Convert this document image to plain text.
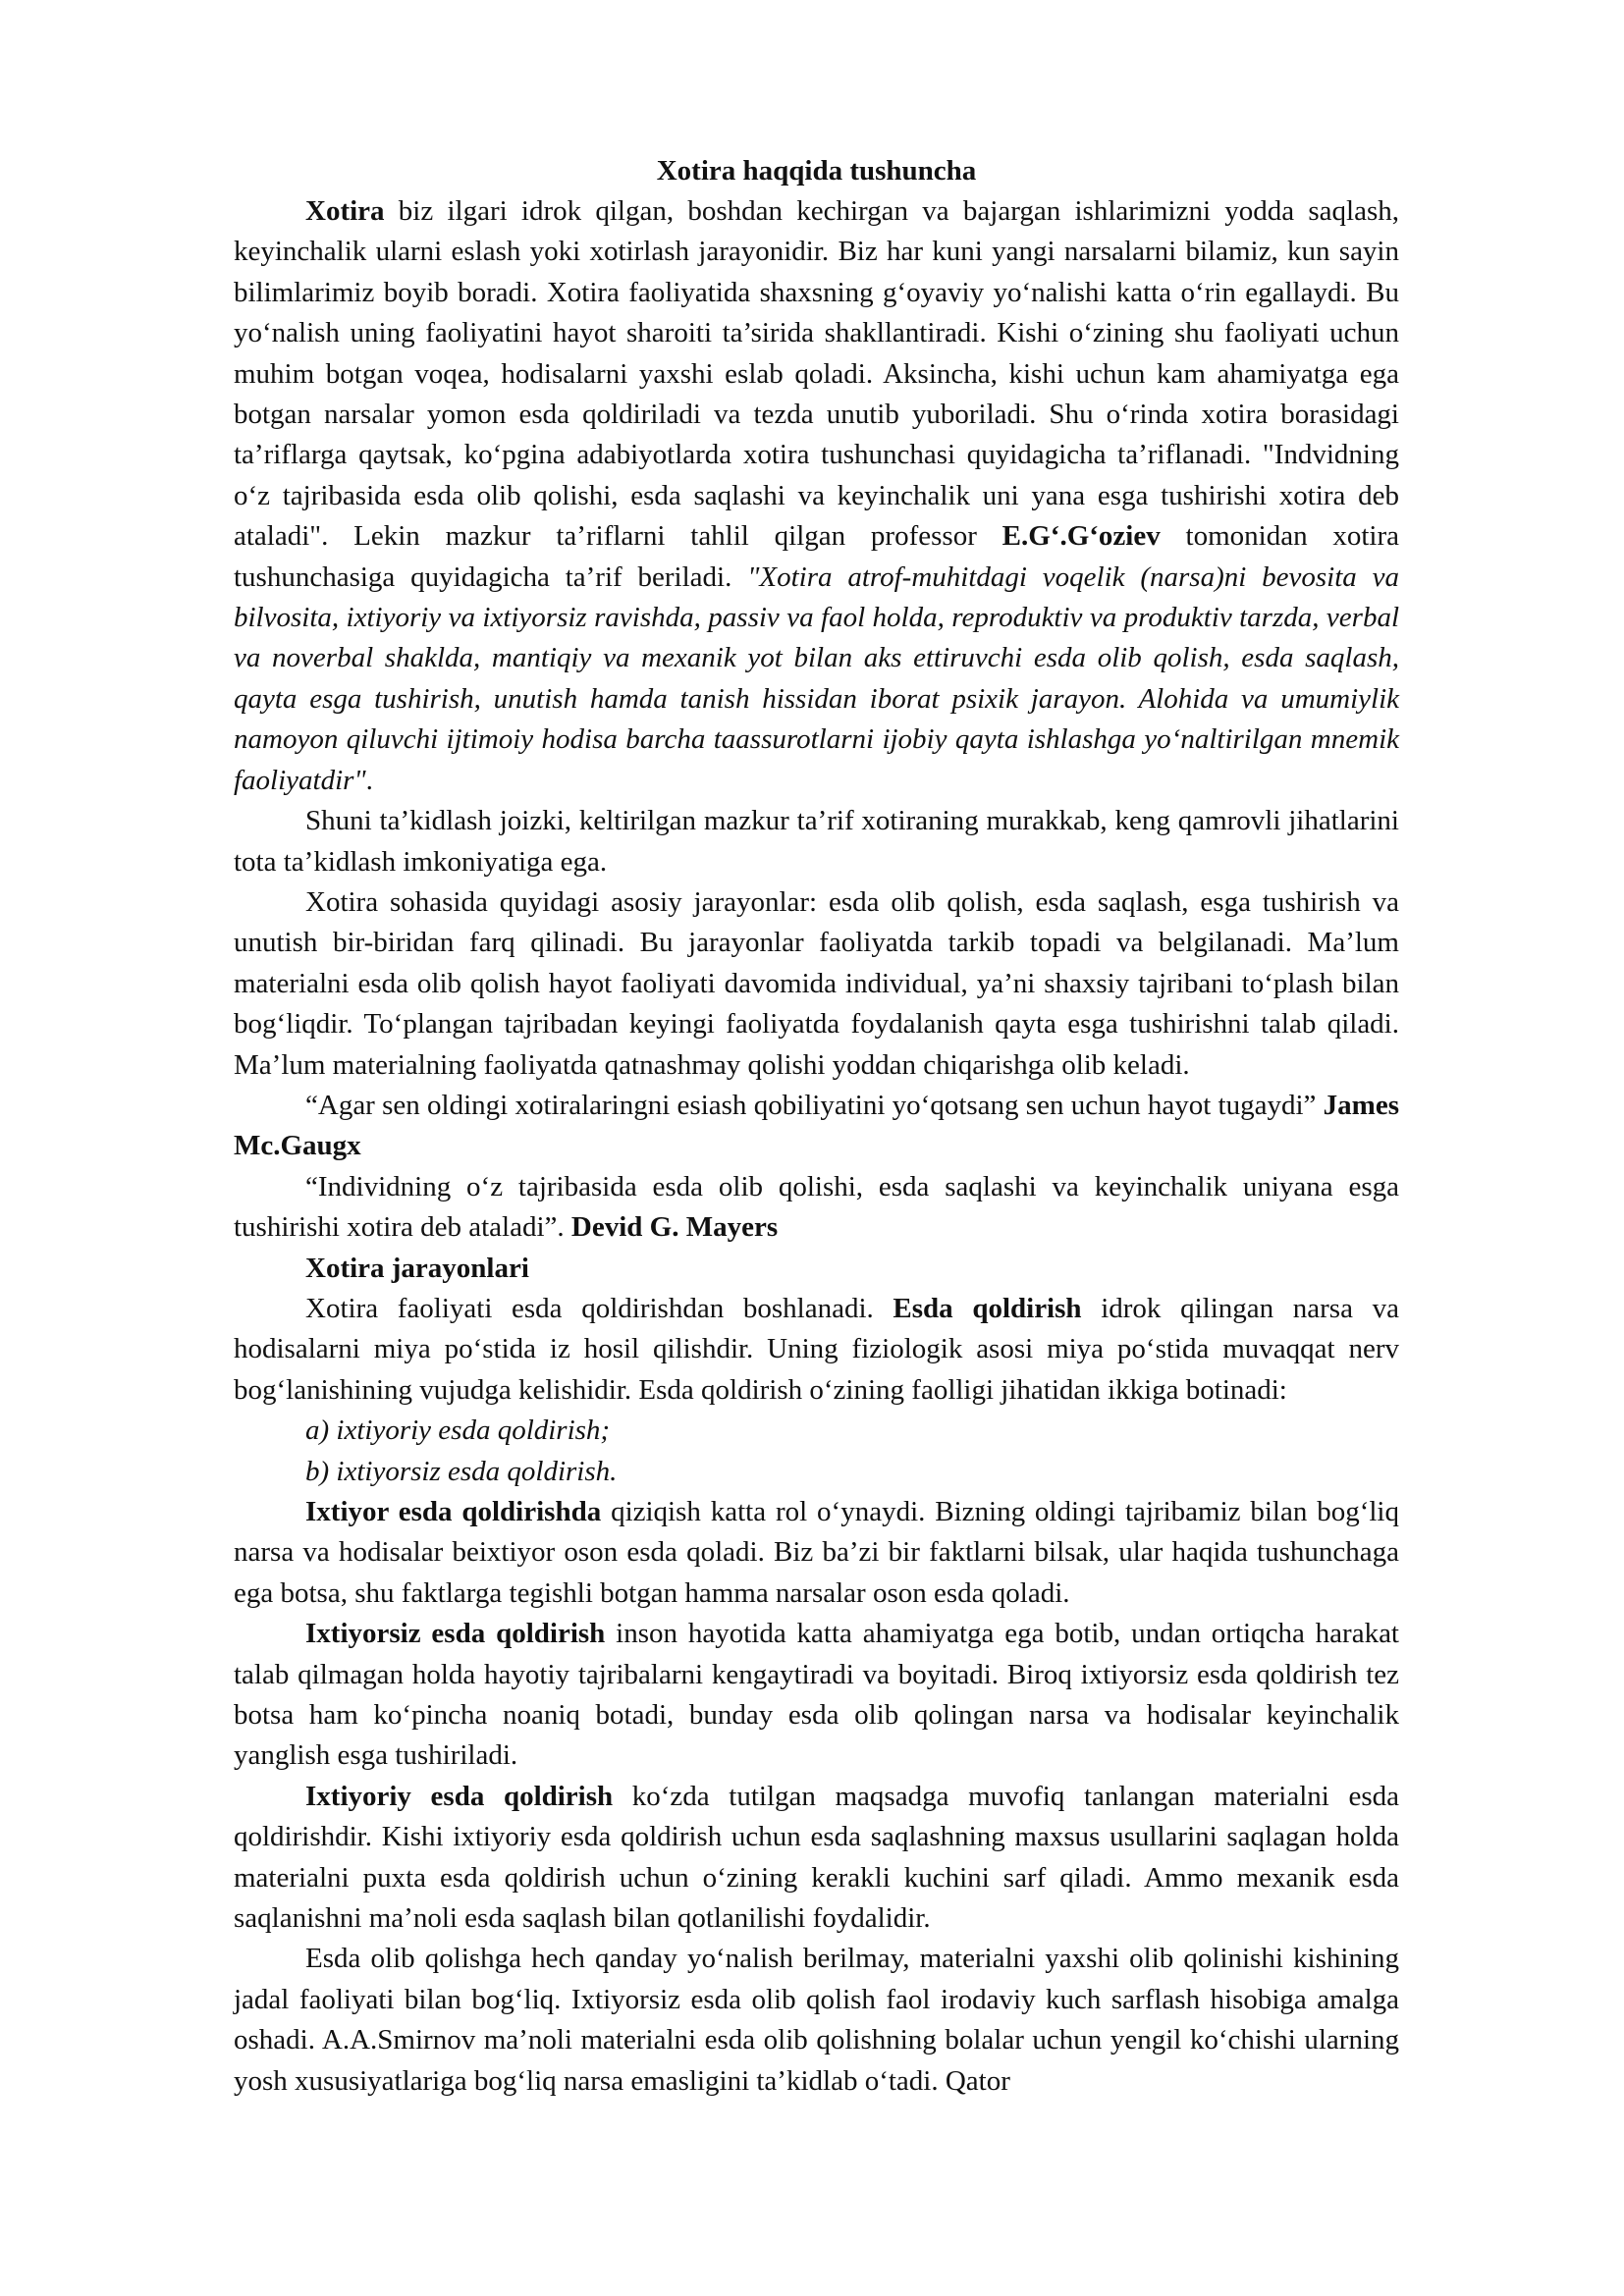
Xotira haqqida tushuncha

Xotira biz ilgari idrok qilgan, boshdan kechirgan va bajargan ishlarimizni yodda saqlash, keyinchalik ularni eslash yoki xotirlash jarayonidir. Biz har kuni yangi narsalarni bilamiz, kun sayin bilimlarimiz boyib boradi. Xotira faoliyatida shaxsning g‘oyaviy yo‘nalishi katta o‘rin egallaydi. Bu yo‘nalish uning faoliyatini hayot sharoiti ta’sirida shakllantiradi. Kishi o‘zining shu faoliyati uchun muhim botgan voqea, hodisalarni yaxshi eslab qoladi. Aksincha, kishi uchun kam ahamiyatga ega botgan narsalar yomon esda qoldiriladi va tezda unutib yuboriladi. Shu o‘rinda xotira borasidagi ta’riflarga qaytsak, ko‘pgina adabiyotlarda xotira tushunchasi quyidagicha ta’riflanadi. "Indvidning o‘z tajribasida esda olib qolishi, esda saqlashi va keyinchalik uni yana esga tushirishi xotira deb ataladi". Lekin mazkur ta’riflarni tahlil qilgan professor E.G‘.G‘oziev tomonidan xotira tushunchasiga quyidagicha ta’rif beriladi. "Xotira atrof-muhitdagi voqelik (narsa)ni bevosita va bilvosita, ixtiyoriy va ixtiyorsiz ravishda, passiv va faol holda, reproduktiv va produktiv tarzda, verbal va noverbal shaklda, mantiqiy va mexanik yot bilan aks ettiruvchi esda olib qolish, esda saqlash, qayta esga tushirish, unutish hamda tanish hissidan iborat psixik jarayon. Alohida va umumiylik namoyon qiluvchi ijtimoiy hodisa barcha taassurotlarni ijobiy qayta ishlashga yo‘naltirilgan mnemik faoliyatdir".

Shuni ta’kidlash joizki, keltirilgan mazkur ta’rif xotiraning murakkab, keng qamrovli jihatlarini tota ta’kidlash imkoniyatiga ega.

Xotira sohasida quyidagi asosiy jarayonlar: esda olib qolish, esda saqlash, esga tushirish va unutish bir-biridan farq qilinadi. Bu jarayonlar faoliyatda tarkib topadi va belgilanadi. Ma’lum materialni esda olib qolish hayot faoliyati davomida individual, ya’ni shaxsiy tajribani to‘plash bilan bog‘liqdir. To‘plangan tajribadan keyingi faoliyatda foydalanish qayta esga tushirishni talab qiladi. Ma’lum materialning faoliyatda qatnashmay qolishi yoddan chiqarishga olib keladi.

“Agar sen oldingi xotiralaringni esiash qobiliyatini yo‘qotsang sen uchun hayot tugaydi” James Mc.Gaugx

“Individning o‘z tajribasida esda olib qolishi, esda saqlashi va keyinchalik uniyana esga tushirishi xotira deb ataladi”. Devid G. Mayers

Xotira jarayonlari

Xotira faoliyati esda qoldirishdan boshlanadi. Esda qoldirish idrok qilingan narsa va hodisalarni miya po‘stida iz hosil qilishdir. Uning fiziologik asosi miya po‘stida muvaqqat nerv bog‘lanishining vujudga kelishidir. Esda qoldirish o‘zining faolligi jihatidan ikkiga botinadi:

a) ixtiyoriy esda qoldirish;

b) ixtiyorsiz esda qoldirish.

Ixtiyor esda qoldirishda qiziqish katta rol o‘ynaydi. Bizning oldingi tajribamiz bilan bog‘liq narsa va hodisalar beixtiyor oson esda qoladi. Biz ba’zi bir faktlarni bilsak, ular haqida tushunchaga ega botsa, shu faktlarga tegishli botgan hamma narsalar oson esda qoladi.

Ixtiyorsiz esda qoldirish inson hayotida katta ahamiyatga ega botib, undan ortiqcha harakat talab qilmagan holda hayotiy tajribalarni kengaytiradi va boyitadi. Biroq ixtiyorsiz esda qoldirish tez botsa ham ko‘pincha noaniq botadi, bunday esda olib qolingan narsa va hodisalar keyinchalik yanglish esga tushiriladi.

Ixtiyoriy esda qoldirish ko‘zda tutilgan maqsadga muvofiq tanlangan materialni esda qoldirishdir. Kishi ixtiyoriy esda qoldirish uchun esda saqlashning maxsus usullarini saqlagan holda materialni puxta esda qoldirish uchun o‘zining kerakli kuchini sarf qiladi. Ammo mexanik esda saqlanishni ma’noli esda saqlash bilan qotlanilishi foydalidir.

Esda olib qolishga hech qanday yo‘nalish berilmay, materialni yaxshi olib qolinishi kishining jadal faoliyati bilan bog‘liq. Ixtiyorsiz esda olib qolish faol irodaviy kuch sarflash hisobiga amalga oshadi. A.A.Smirnov ma’noli materialni esda olib qolishning bolalar uchun yengil ko‘chishi ularning yosh xususiyatlariga bog‘liq narsa emasligini ta’kidlab o‘tadi. Qator
